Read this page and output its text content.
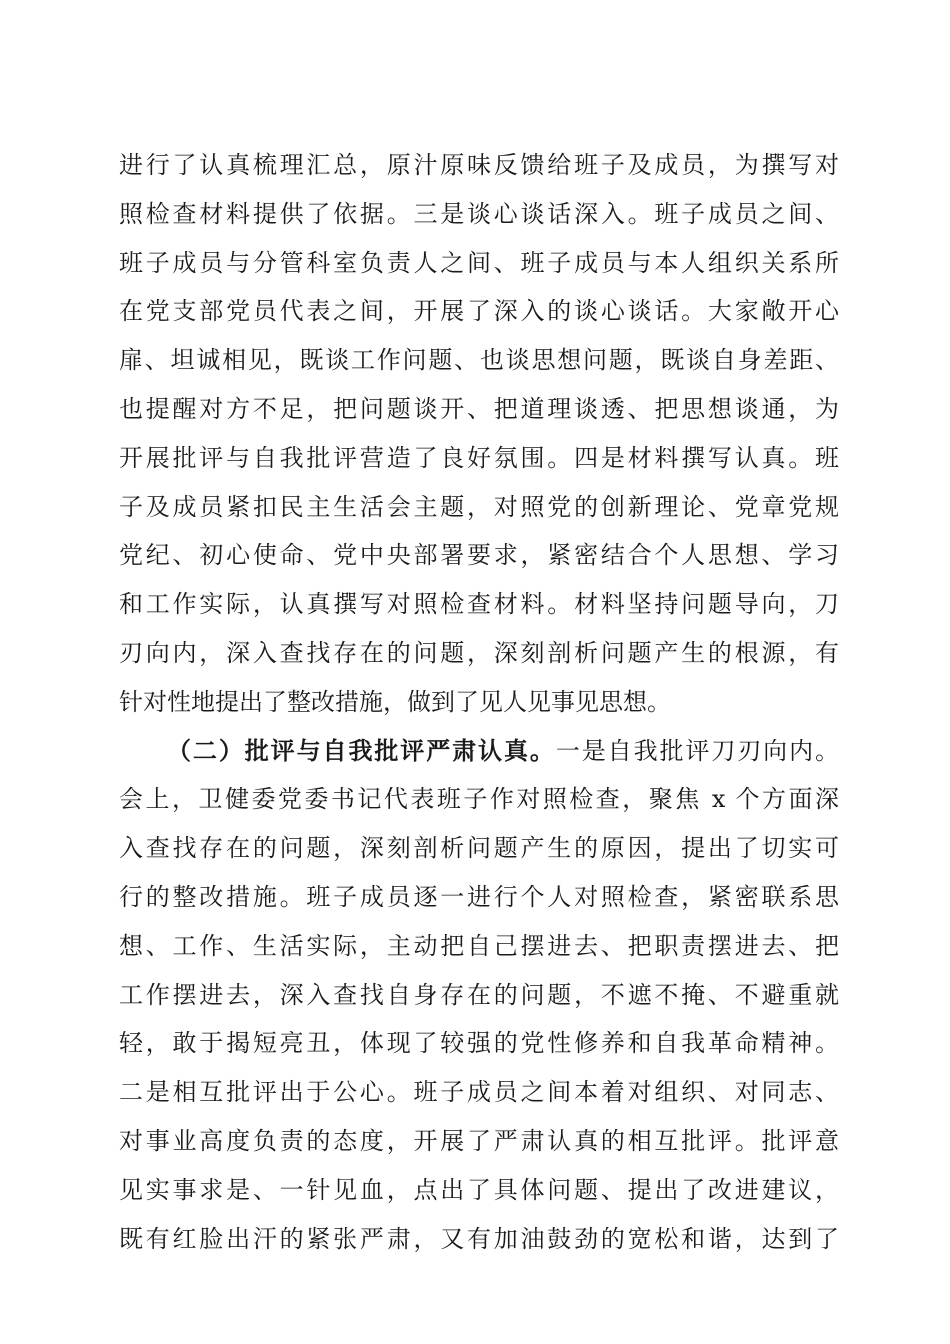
进行了认真梳理汇总，原汁原味反馈给班子及成员，为撰写对
照检查材料提供了依据。三是谈心谈话深入。班子成员之间、
班子成员与分管科室负责人之间、班子成员与本人组织关系所
在党支部党员代表之间，开展了深入的谈心谈话。大家敞开心
扉、坦诚相见，既谈工作问题、也谈思想问题，既谈自身差距、
也提醒对方不足，把问题谈开、把道理谈透、把思想谈通，为
开展批评与自我批评营造了良好氛围。四是材料撰写认真。班
子及成员紧扣民主生活会主题，对照党的创新理论、党章党规
党纪、初心使命、党中央部署要求，紧密结合个人思想、学习
和工作实际，认真撰写对照检查材料。材料坚持问题导向，刀
刃向内，深入查找存在的问题，深刻剖析问题产生的根源，有
针对性地提出了整改措施，做到了见人见事见思想。
（二）批评与自我批评严肃认真。一是自我批评刀刃向内。
会上，卫健委党委书记代表班子作对照检查，聚焦 x 个方面深
入查找存在的问题，深刻剖析问题产生的原因，提出了切实可
行的整改措施。班子成员逐一进行个人对照检查，紧密联系思
想、工作、生活实际，主动把自己摆进去、把职责摆进去、把
工作摆进去，深入查找自身存在的问题，不遮不掩、不避重就
轻，敢于揭短亮丑，体现了较强的党性修养和自我革命精神。
二是相互批评出于公心。班子成员之间本着对组织、对同志、
对事业高度负责的态度，开展了严肃认真的相互批评。批评意
见实事求是、一针见血，点出了具体问题、提出了改进建议，
既有红脸出汗的紧张严肃，又有加油鼓劲的宽松和谐，达到了
